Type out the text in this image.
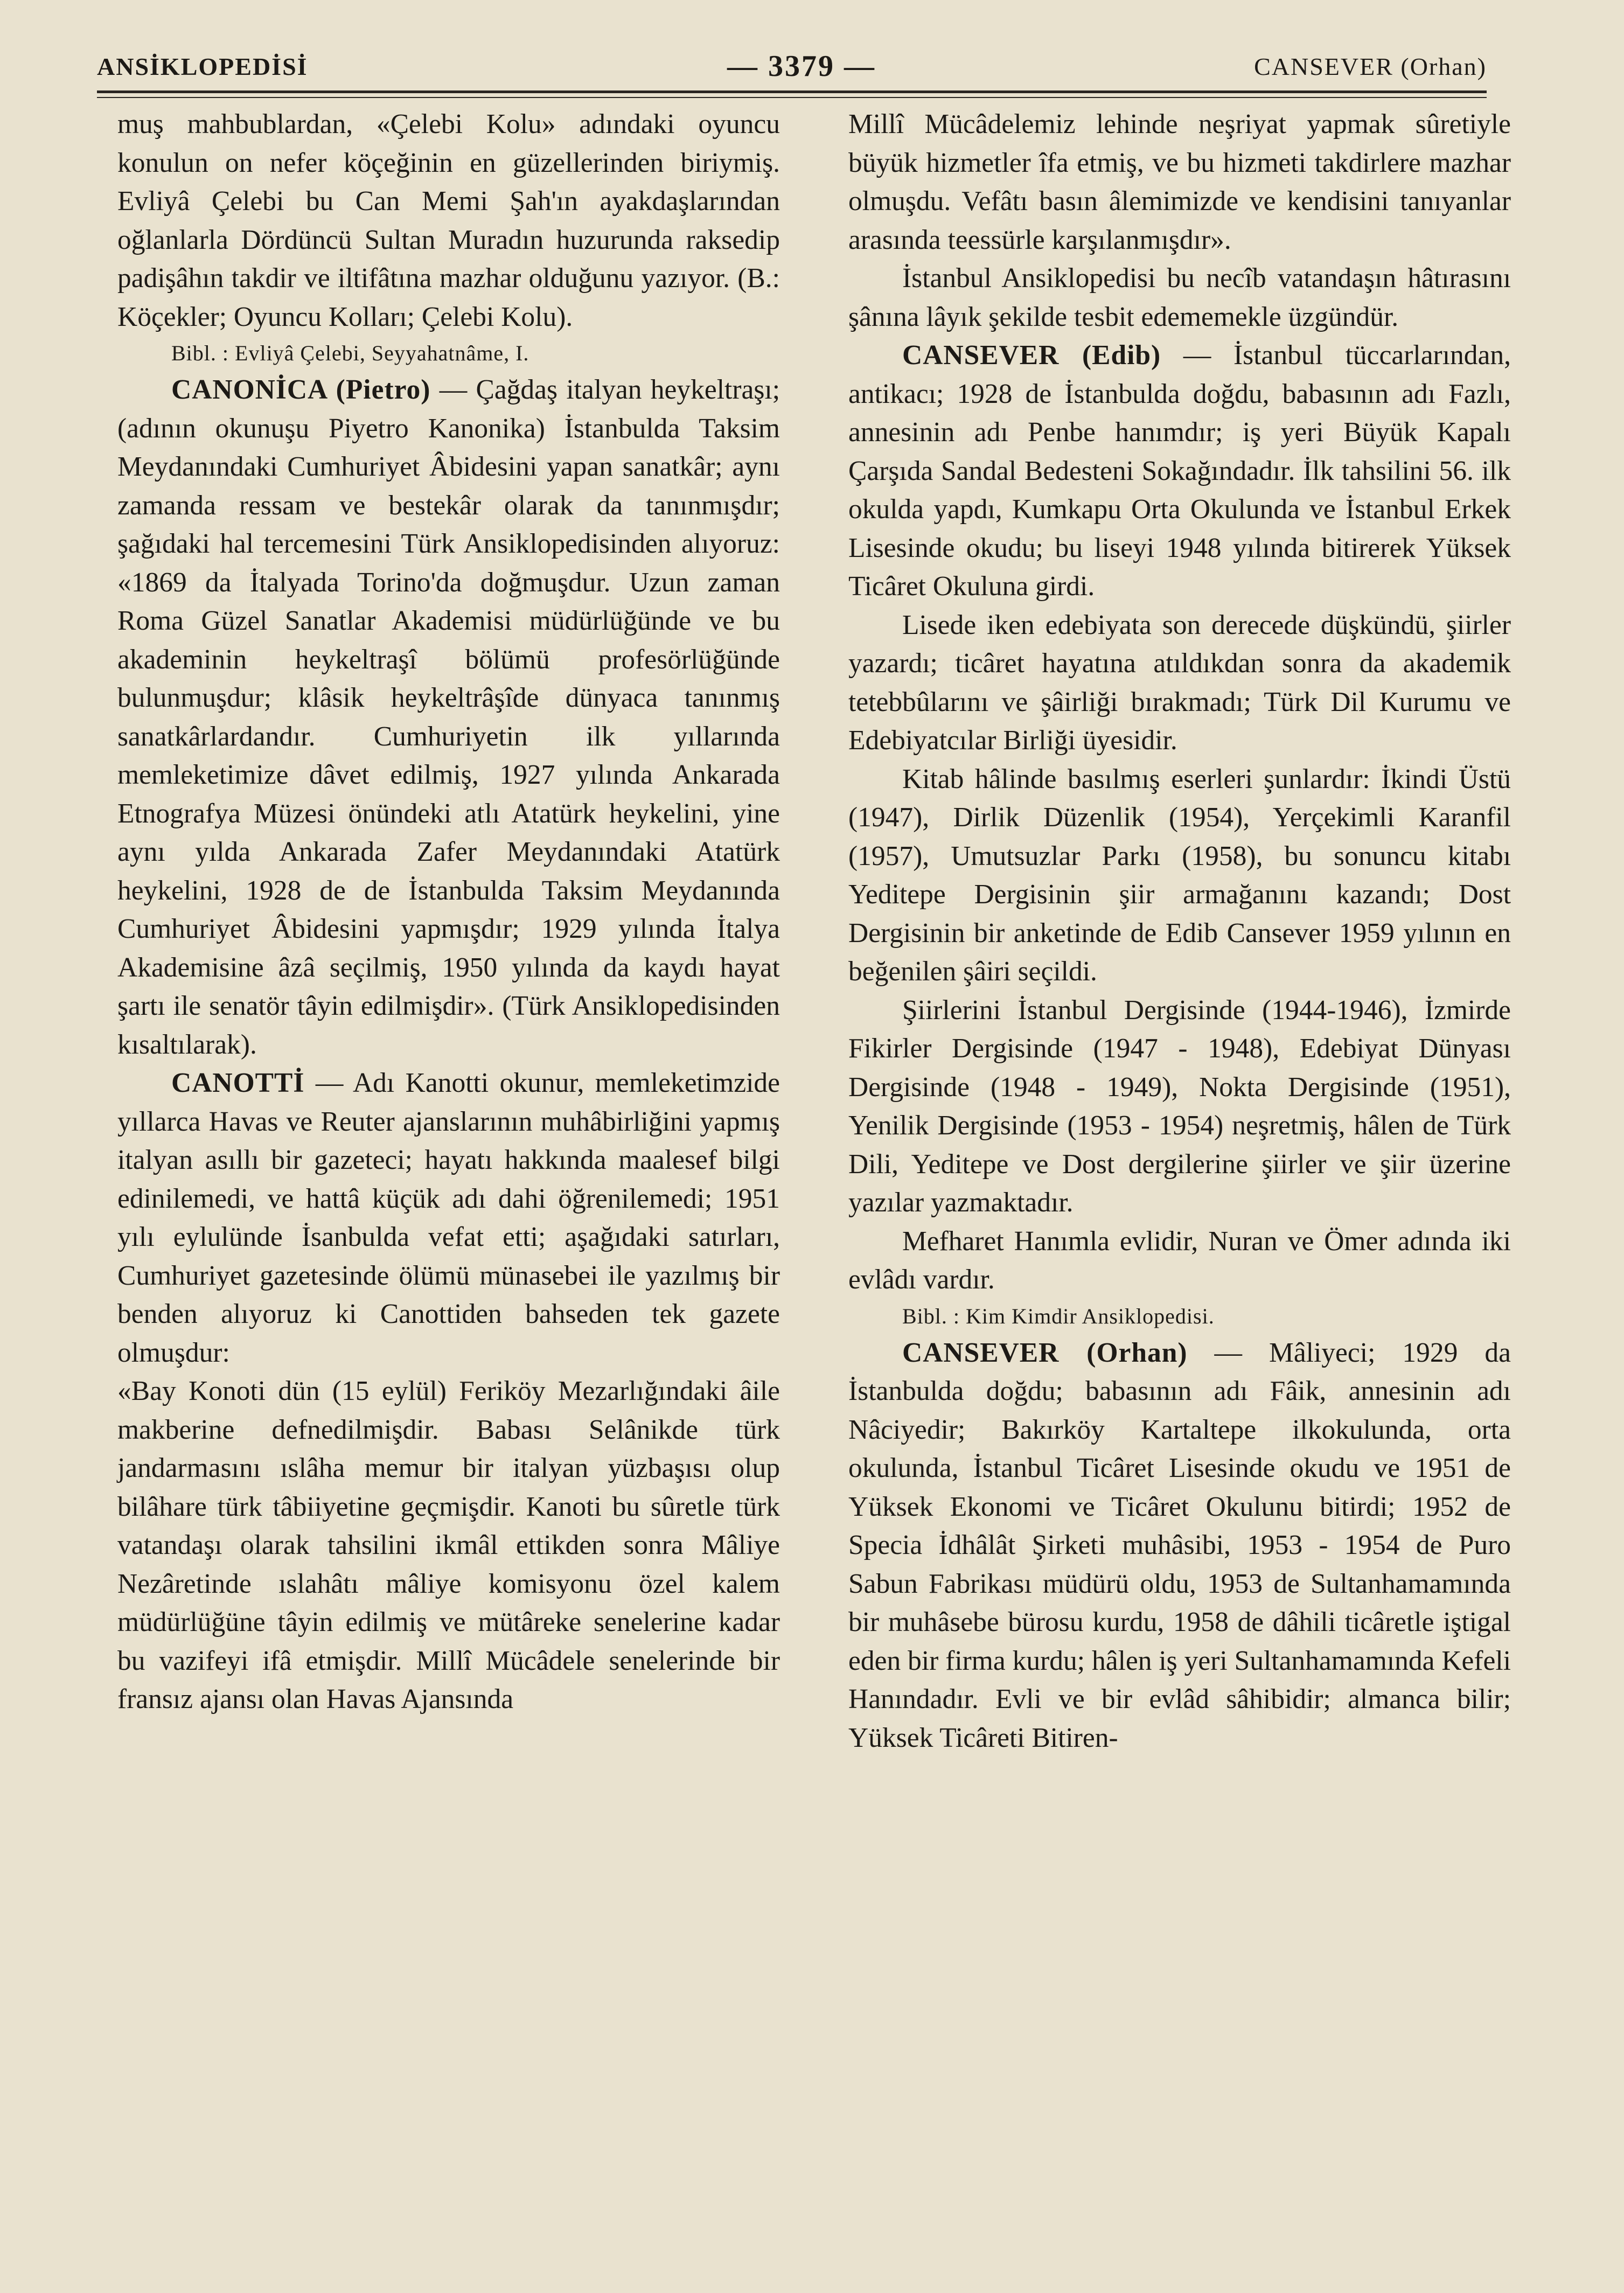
ANSİKLOPEDİSİ	— 3379 —	CANSEVER (Orhan)

muş mahbublardan, «Çelebi Kolu» adındaki oyuncu konulun on nefer köçeğinin en güzellerinden biriymiş. Evliyâ Çelebi bu Can Memi Şah'ın ayakdaşlarından oğlanlarla Dördüncü Sultan Muradın huzurunda raksedip padişâhın takdir ve iltifâtına mazhar olduğunu yazıyor. (B.: Köçekler; Oyuncu Kolları; Çelebi Kolu).

Bibl. : Evliyâ Çelebi, Seyyahatnâme, I.

CANONİCA (Pietro) — Çağdaş italyan heykeltraşı; (adının okunuşu Piyetro Kanonika) İstanbulda Taksim Meydanındaki Cumhuriyet Âbidesini yapan sanatkâr; aynı zamanda ressam ve bestekâr olarak da tanınmışdır; şağıdaki hal tercemesini Türk Ansiklopedisinden alıyoruz: «1869 da İtalyada Torino'da doğmuşdur. Uzun zaman Roma Güzel Sanatlar Akademisi müdürlüğünde ve bu akademinin heykeltraşî bölümü profesörlüğünde bulunmuşdur; klâsik heykeltrâşîde dünyaca tanınmış sanatkârlardandır. Cumhuriyetin ilk yıllarında memleketimize dâvet edilmiş, 1927 yılında Ankarada Etnografya Müzesi önündeki atlı Atatürk heykelini, yine aynı yılda Ankarada Zafer Meydanındaki Atatürk heykelini, 1928 de de İstanbulda Taksim Meydanında Cumhuriyet Âbidesini yapmışdır; 1929 yılında İtalya Akademisine âzâ seçilmiş, 1950 yılında da kaydı hayat şartı ile senatör tâyin edilmişdir». (Türk Ansiklopedisinden kısaltılarak).

CANOTTİ — Adı Kanotti okunur, memleketimzide yıllarca Havas ve Reuter ajanslarının muhâbirliğini yapmış italyan asıllı bir gazeteci; hayatı hakkında maalesef bilgi edinilemedi, ve hattâ küçük adı dahi öğrenilemedi; 1951 yılı eylulünde İsanbulda vefat etti; aşağıdaki satırları, Cumhuriyet gazetesinde ölümü münasebei ile yazılmış bir benden alıyoruz ki Canottiden bahseden tek gazete olmuşdur:

«Bay Konoti dün (15 eylül) Feriköy Mezarlığındaki âile makberine defnedilmişdir. Babası Selânikde türk jandarmasını ıslâha memur bir italyan yüzbaşısı olup bilâhare türk tâbiiyetine geçmişdir. Kanoti bu sûretle türk vatandaşı olarak tahsilini ikmâl ettikden sonra Mâliye Nezâretinde ıslahâtı mâliye komisyonu özel kalem müdürlüğüne tâyin edilmiş ve mütâreke senelerine kadar bu vazifeyi ifâ etmişdir. Millî Mücâdele senelerinde bir fransız ajansı olan Havas Ajansında

Millî Mücâdelemiz lehinde neşriyat yapmak sûretiyle büyük hizmetler îfa etmiş, ve bu hizmeti takdirlere mazhar olmuşdu. Vefâtı basın âlemimizde ve kendisini tanıyanlar arasında teessürle karşılanmışdır».

İstanbul Ansiklopedisi bu necîb vatandaşın hâtırasını şânına lâyık şekilde tesbit edememekle üzgündür.

CANSEVER (Edib) — İstanbul tüccarlarından, antikacı; 1928 de İstanbulda doğdu, babasının adı Fazlı, annesinin adı Penbe hanımdır; iş yeri Büyük Kapalı Çarşıda Sandal Bedesteni Sokağındadır. İlk tahsilini 56. ilk okulda yapdı, Kumkapu Orta Okulunda ve İstanbul Erkek Lisesinde okudu; bu liseyi 1948 yılında bitirerek Yüksek Ticâret Okuluna girdi.

Lisede iken edebiyata son derecede düşkündü, şiirler yazardı; ticâret hayatına atıldıkdan sonra da akademik tetebbûlarını ve şâirliği bırakmadı; Türk Dil Kurumu ve Edebiyatcılar Birliği üyesidir.

Kitab hâlinde basılmış eserleri şunlardır: İkindi Üstü (1947), Dirlik Düzenlik (1954), Yerçekimli Karanfil (1957), Umutsuzlar Parkı (1958), bu sonuncu kitabı Yeditepe Dergisinin şiir armağanını kazandı; Dost Dergisinin bir anketinde de Edib Cansever 1959 yılının en beğenilen şâiri seçildi.

Şiirlerini İstanbul Dergisinde (1944-1946), İzmirde Fikirler Dergisinde (1947 - 1948), Edebiyat Dünyası Dergisinde (1948 - 1949), Nokta Dergisinde (1951), Yenilik Dergisinde (1953 - 1954) neşretmiş, hâlen de Türk Dili, Yeditepe ve Dost dergilerine şiirler ve şiir üzerine yazılar yazmaktadır.

Mefharet Hanımla evlidir, Nuran ve Ömer adında iki evlâdı vardır.

Bibl. : Kim Kimdir Ansiklopedisi.

CANSEVER (Orhan) — Mâliyeci; 1929 da İstanbulda doğdu; babasının adı Fâik, annesinin adı Nâciyedir; Bakırköy Kartaltepe ilkokulunda, orta okulunda, İstanbul Ticâret Lisesinde okudu ve 1951 de Yüksek Ekonomi ve Ticâret Okulunu bitirdi; 1952 de Specia İdhâlât Şirketi muhâsibi, 1953 - 1954 de Puro Sabun Fabrikası müdürü oldu, 1953 de Sultanhamamında bir muhâsebe bürosu kurdu, 1958 de dâhili ticâretle iştigal eden bir firma kurdu; hâlen iş yeri Sultanhamamında Kefeli Hanındadır. Evli ve bir evlâd sâhibidir; almanca bilir; Yüksek Ticâreti Bitiren-
